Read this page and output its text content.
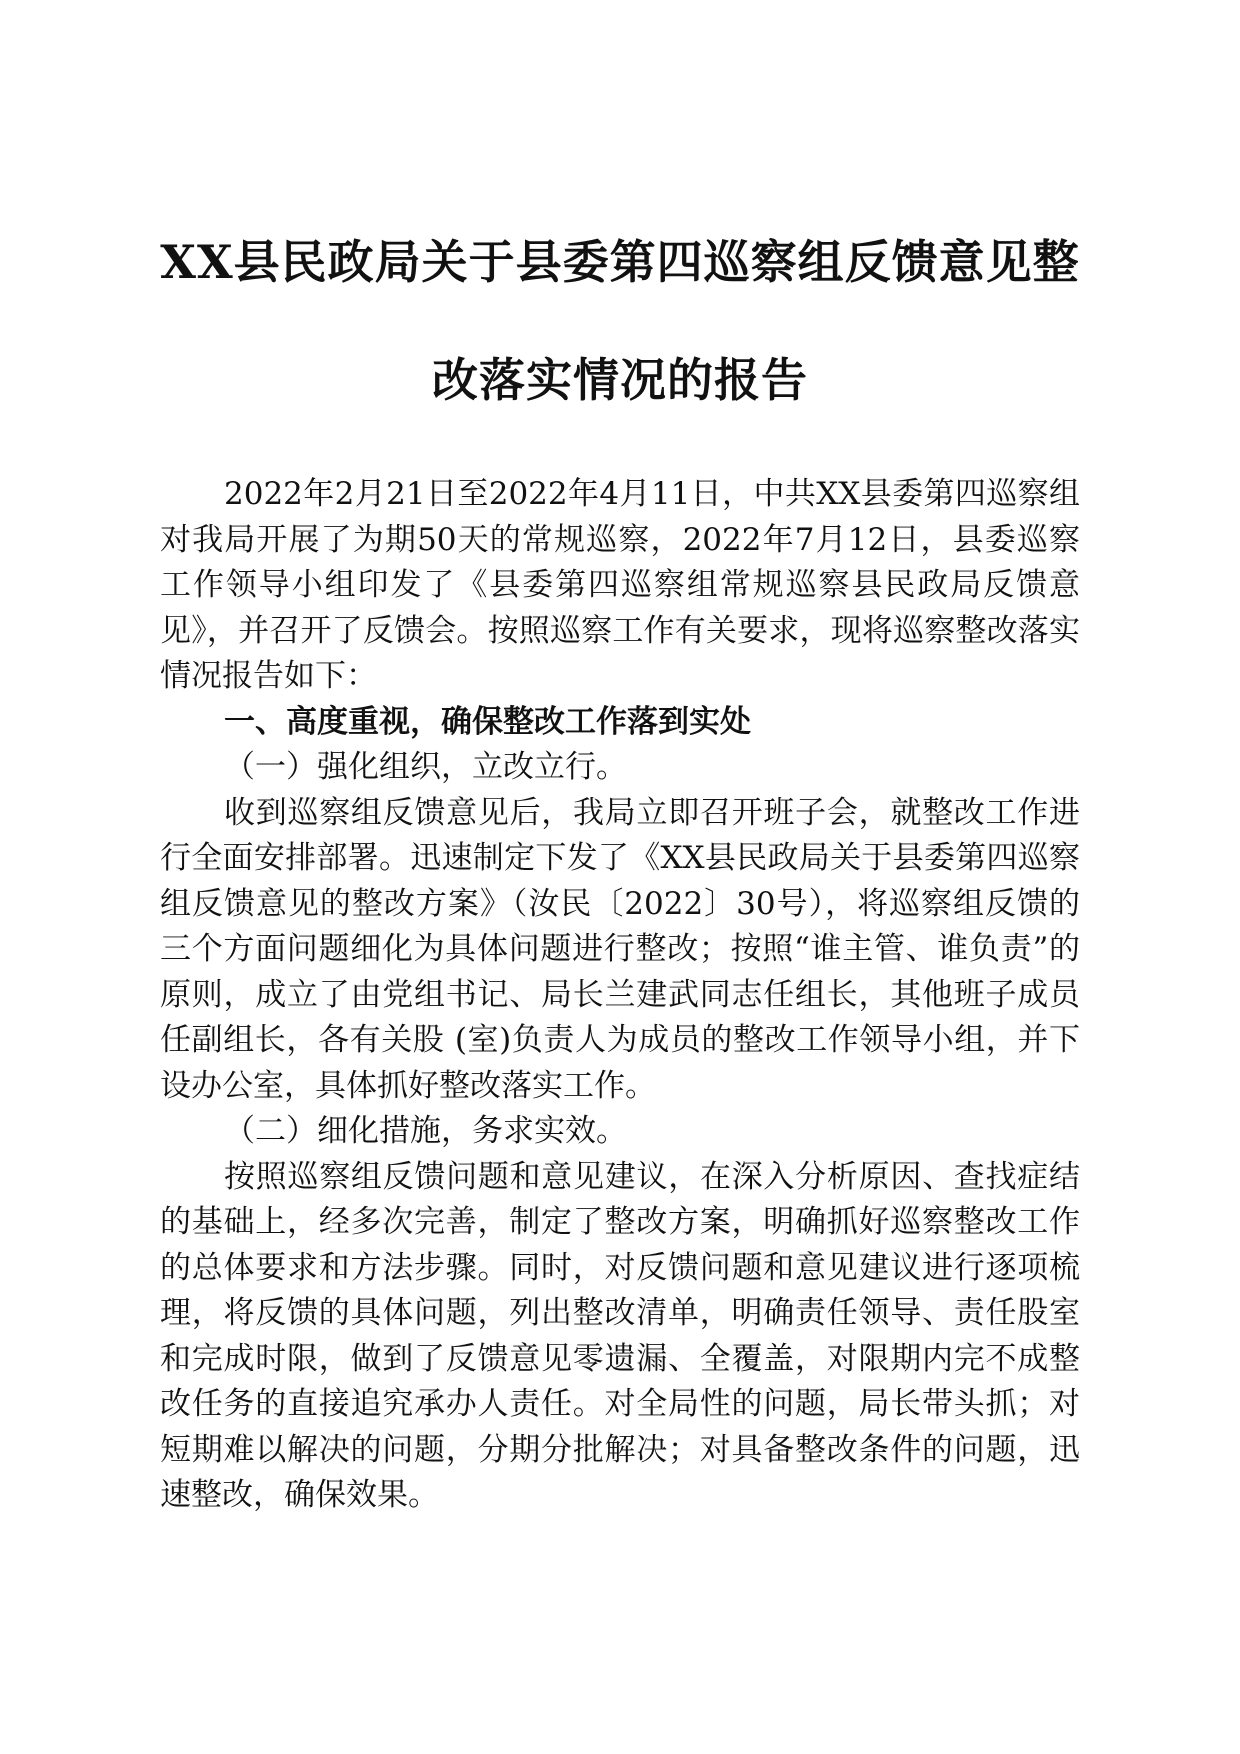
XX县民政局关于县委第四巡察组反馈意见整
改落实情况的报告

2022年2月21日至2022年4月11日，中共XX县委第四巡察组对我局开展了为期50天的常规巡察，2022年7月12日，县委巡察工作领导小组印发了《县委第四巡察组常规巡察县民政局反馈意见》，并召开了反馈会。按照巡察工作有关要求，现将巡察整改落实情况报告如下：

一、高度重视，确保整改工作落到实处

（一）强化组织，立改立行。

收到巡察组反馈意见后，我局立即召开班子会，就整改工作进行全面安排部署。迅速制定下发了《XX县民政局关于县委第四巡察组反馈意见的整改方案》（汝民〔2022〕30号），将巡察组反馈的三个方面问题细化为具体问题进行整改；按照“谁主管、谁负责”的原则，成立了由党组书记、局长兰建武同志任组长，其他班子成员任副组长，各有关股 (室)负责人为成员的整改工作领导小组，并下设办公室，具体抓好整改落实工作。

（二）细化措施，务求实效。

按照巡察组反馈问题和意见建议，在深入分析原因、查找症结的基础上，经多次完善，制定了整改方案，明确抓好巡察整改工作的总体要求和方法步骤。同时，对反馈问题和意见建议进行逐项梳理，将反馈的具体问题，列出整改清单，明确责任领导、责任股室和完成时限，做到了反馈意见零遗漏、全覆盖，对限期内完不成整改任务的直接追究承办人责任。对全局性的问题，局长带头抓；对短期难以解决的问题，分期分批解决；对具备整改条件的问题，迅速整改，确保效果。
